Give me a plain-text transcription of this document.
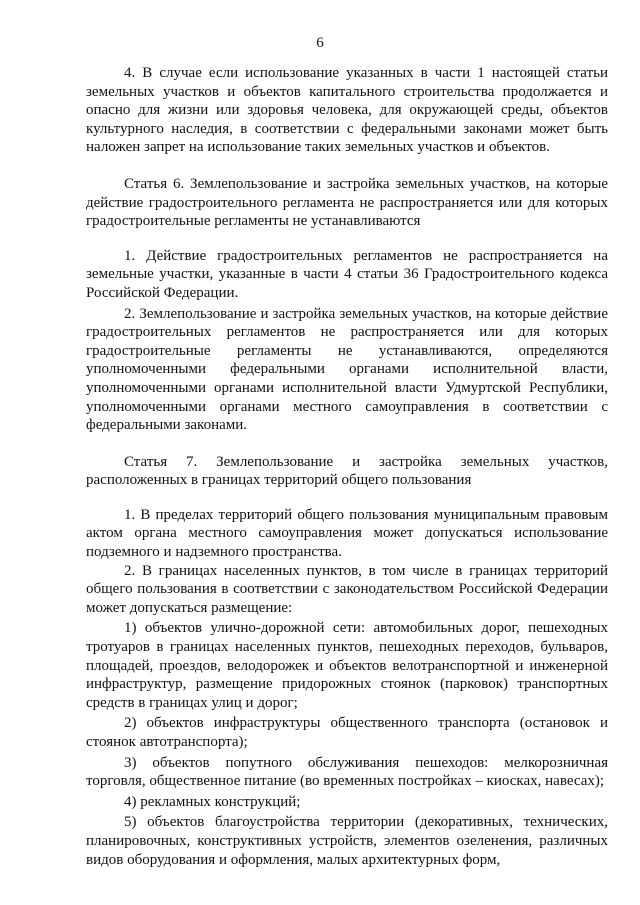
6

4. В случае если использование указанных в части 1 настоящей статьи земельных участков и объектов капитального строительства продолжается и опасно для жизни или здоровья человека, для окружающей среды, объектов культурного наследия, в соответствии с федеральными законами может быть наложен запрет на использование таких земельных участков и объектов.

Статья 6. Землепользование и застройка земельных участков, на которые действие градостроительного регламента не распространяется или для которых градостроительные регламенты не устанавливаются

1. Действие градостроительных регламентов не распространяется на земельные участки, указанные в части 4 статьи 36 Градостроительного кодекса Российской Федерации.

2. Землепользование и застройка земельных участков, на которые действие градостроительных регламентов не распространяется или для которых градостроительные регламенты не устанавливаются, определяются уполномоченными федеральными органами исполнительной власти, уполномоченными органами исполнительной власти Удмуртской Республики, уполномоченными органами местного самоуправления в соответствии с федеральными законами.

Статья 7. Землепользование и застройка земельных участков, расположенных в границах территорий общего пользования

1. В пределах территорий общего пользования муниципальным правовым актом органа местного самоуправления может допускаться использование подземного и надземного пространства.

2. В границах населенных пунктов, в том числе в границах территорий общего пользования в соответствии с законодательством Российской Федерации может допускаться размещение:

1) объектов улично-дорожной сети: автомобильных дорог, пешеходных тротуаров в границах населенных пунктов, пешеходных переходов, бульваров, площадей, проездов, велодорожек и объектов велотранспортной и инженерной инфраструктур, размещение придорожных стоянок (парковок) транспортных средств в границах улиц и дорог;

2) объектов инфраструктуры общественного транспорта (остановок и стоянок автотранспорта);

3) объектов попутного обслуживания пешеходов: мелкорозничная торговля, общественное питание (во временных постройках – киосках, навесах);

4) рекламных конструкций;

5) объектов благоустройства территории (декоративных, технических, планировочных, конструктивных устройств, элементов озеленения, различных видов оборудования и оформления, малых архитектурных форм,
